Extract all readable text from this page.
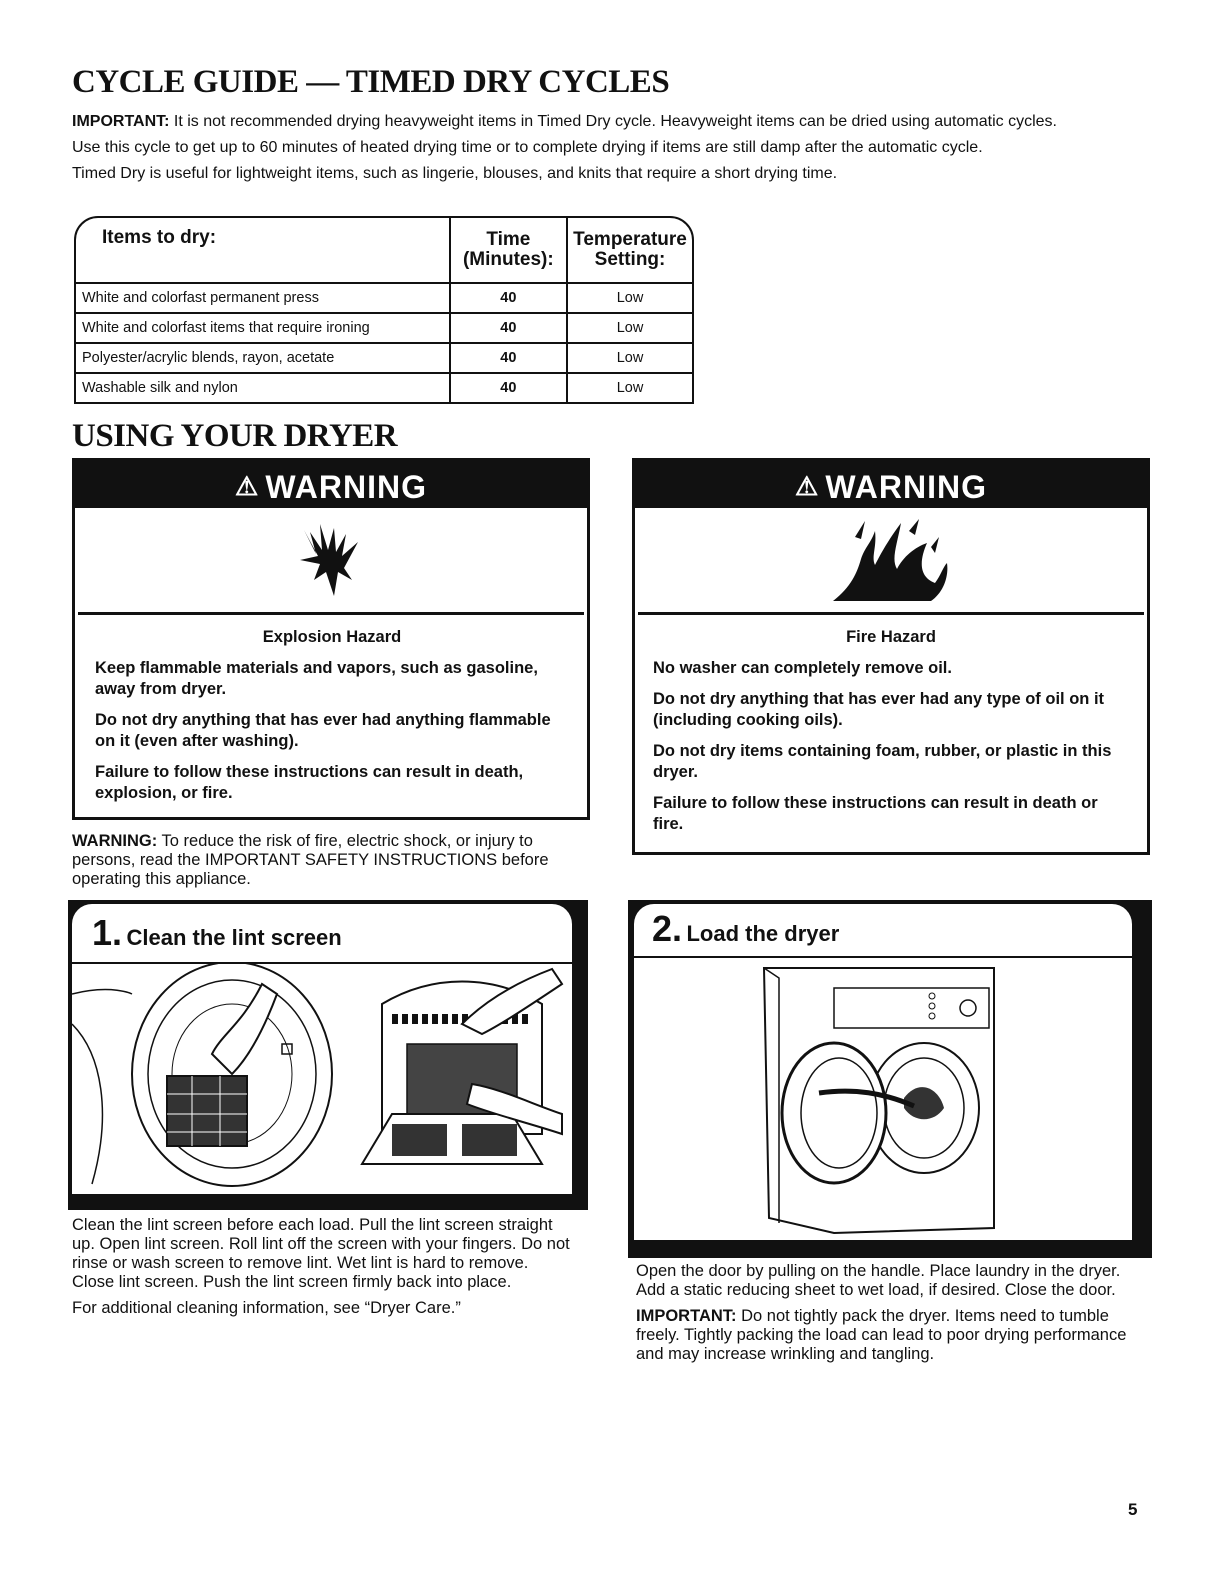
CYCLE GUIDE — TIMED DRY CYCLES

IMPORTANT: It is not recommended drying heavyweight items in Timed Dry cycle. Heavyweight items can be dried using automatic cycles.

Use this cycle to get up to 60 minutes of heated drying time or to complete drying if items are still damp after the automatic cycle.

Timed Dry is useful for lightweight items, such as lingerie, blouses, and knits that require a short drying time.

Items to dry:	Time (Minutes):	Temperature Setting:

White and colorfast permanent press	40	Low
White and colorfast items that require ironing	40	Low
Polyester/acrylic blends, rayon, acetate	40	Low
Washable silk and nylon	40	Low
USING YOUR DRYER
⚠ WARNING
Explosion Hazard

Keep flammable materials and vapors, such as gasoline, away from dryer.

Do not dry anything that has ever had anything flammable on it (even after washing).

Failure to follow these instructions can result in death, explosion, or fire.

WARNING: To reduce the risk of fire, electric shock, or injury to persons, read the IMPORTANT SAFETY INSTRUCTIONS before operating this appliance.
⚠ WARNING
Fire Hazard

No washer can completely remove oil.

Do not dry anything that has ever had any type of oil on it (including cooking oils).

Do not dry items containing foam, rubber, or plastic in this dryer.

Failure to follow these instructions can result in death or fire.

1. Clean the lint screen

Clean the lint screen before each load. Pull the lint screen straight up. Open lint screen. Roll lint off the screen with your fingers. Do not rinse or wash screen to remove lint. Wet lint is hard to remove. Close lint screen. Push the lint screen firmly back into place.

For additional cleaning information, see “Dryer Care.”

2. Load the dryer

Open the door by pulling on the handle. Place laundry in the dryer. Add a static reducing sheet to wet load, if desired. Close the door.

IMPORTANT: Do not tightly pack the dryer. Items need to tumble freely. Tightly packing the load can lead to poor drying performance and may increase wrinkling and tangling.

5
